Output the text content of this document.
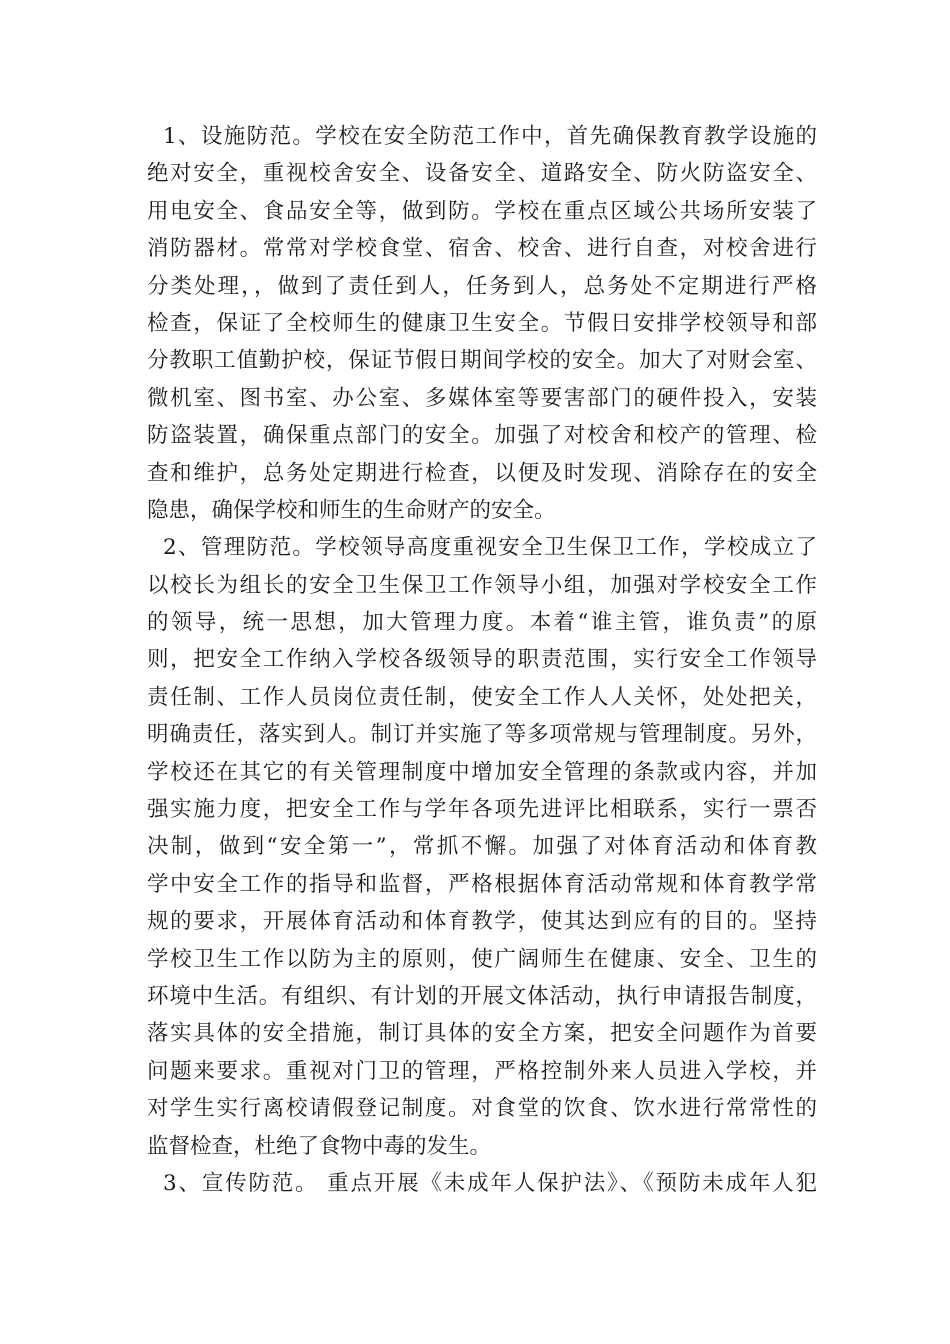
1、设施防范。学校在安全防范工作中，首先确保教育教学设施的
绝对安全，重视校舍安全、设备安全、道路安全、防火防盗安全、
用电安全、食品安全等，做到防。学校在重点区域公共场所安装了
消防器材。常常对学校食堂、宿舍、校舍、进行自查，对校舍进行
分类处理，，做到了责任到人，任务到人，总务处不定期进行严格
检查，保证了全校师生的健康卫生安全。节假日安排学校领导和部
分教职工值勤护校，保证节假日期间学校的安全。加大了对财会室、
微机室、图书室、办公室、多媒体室等要害部门的硬件投入，安装
防盗装置，确保重点部门的安全。加强了对校舍和校产的管理、检
查和维护，总务处定期进行检查，以便及时发现、消除存在的安全
隐患，确保学校和师生的生命财产的安全。
2、管理防范。学校领导高度重视安全卫生保卫工作，学校成立了
以校长为组长的安全卫生保卫工作领导小组，加强对学校安全工作
的领导，统一思想，加大管理力度。本着“谁主管，谁负责”的原
则，把安全工作纳入学校各级领导的职责范围，实行安全工作领导
责任制、工作人员岗位责任制，使安全工作人人关怀，处处把关，
明确责任，落实到人。制订并实施了等多项常规与管理制度。另外，
学校还在其它的有关管理制度中增加安全管理的条款或内容，并加
强实施力度，把安全工作与学年各项先进评比相联系，实行一票否
决制，做到“安全第一”，常抓不懈。加强了对体育活动和体育教
学中安全工作的指导和监督，严格根据体育活动常规和体育教学常
规的要求，开展体育活动和体育教学，使其达到应有的目的。坚持
学校卫生工作以防为主的原则，使广阔师生在健康、安全、卫生的
环境中生活。有组织、有计划的开展文体活动，执行申请报告制度，
落实具体的安全措施，制订具体的安全方案，把安全问题作为首要
问题来要求。重视对门卫的管理，严格控制外来人员进入学校，并
对学生实行离校请假登记制度。对食堂的饮食、饮水进行常常性的
监督检查，杜绝了食物中毒的发生。
3、宣传防范。 重点开展《未成年人保护法》、《预防未成年人犯
